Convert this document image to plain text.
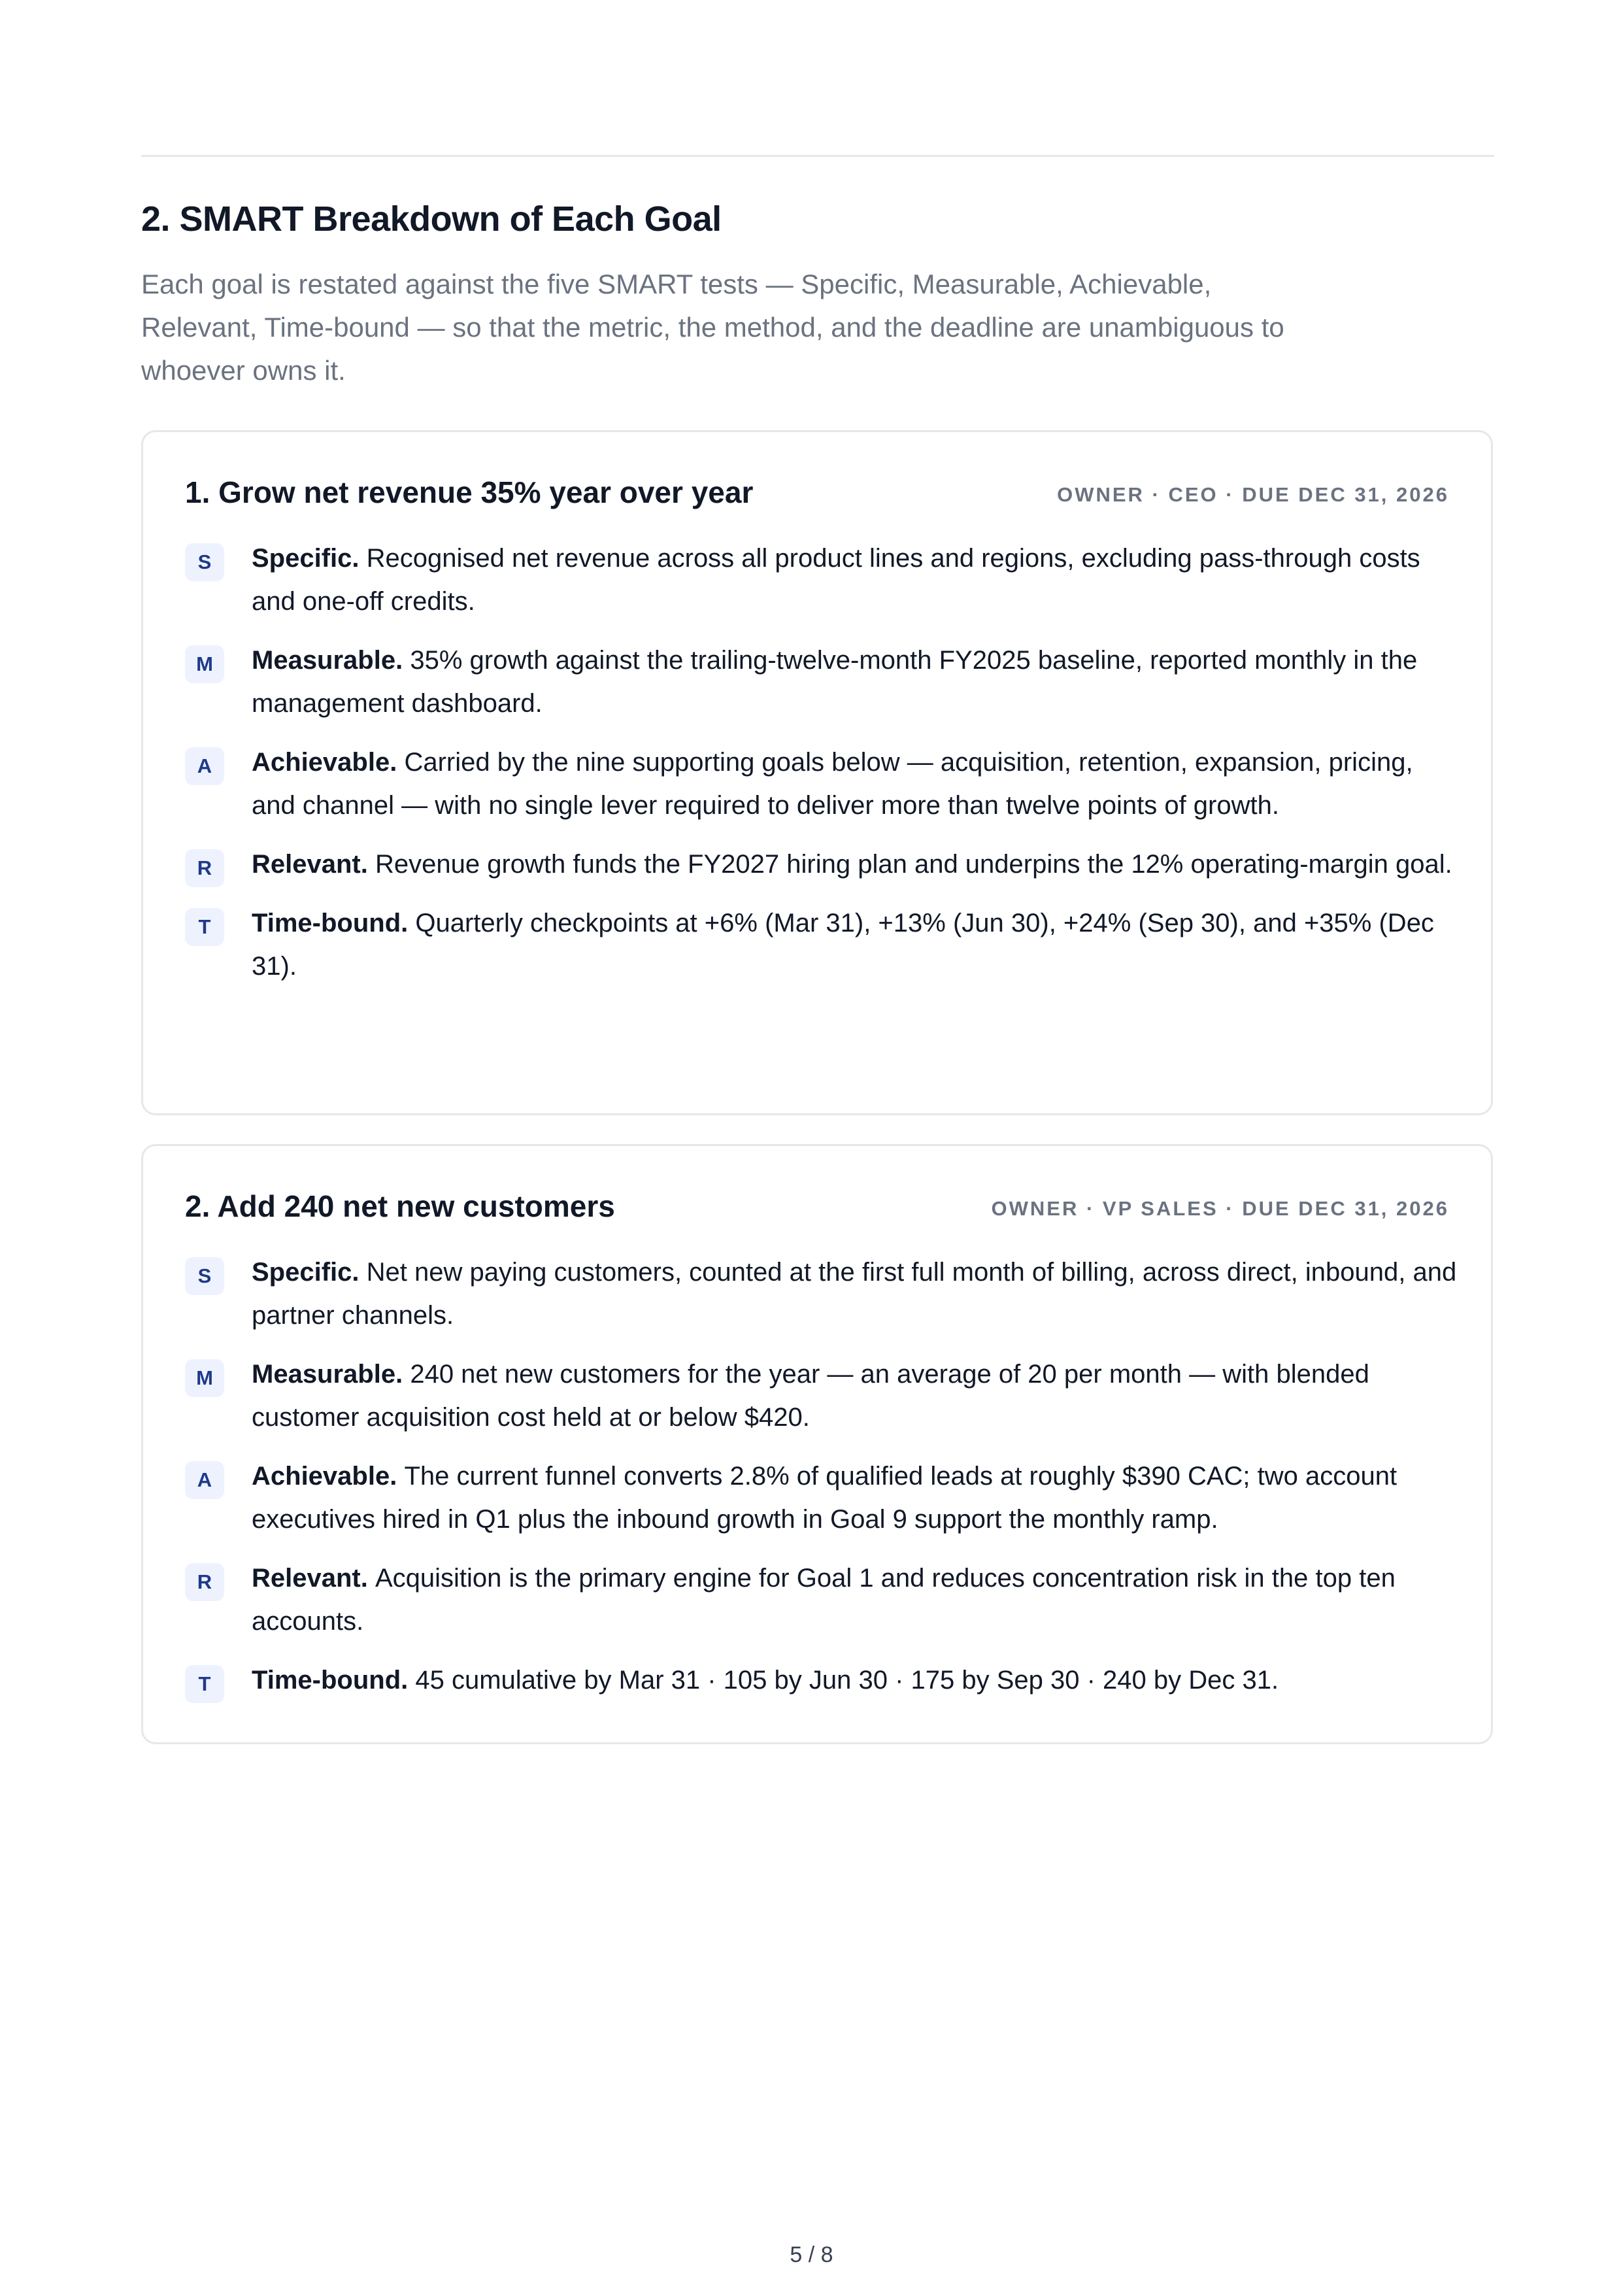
2. SMART Breakdown of Each Goal

Each goal is restated against the five SMART tests — Specific, Measurable, Achievable, Relevant, Time-bound — so that the metric, the method, and the deadline are unambiguous to whoever owns it.

1. Grow net revenue 35% year over year	OWNER · CEO · DUE DEC 31, 2026
S	Specific. Recognised net revenue across all product lines and regions, excluding pass-through costs and one-off credits.
M	Measurable. 35% growth against the trailing-twelve-month FY2025 baseline, reported monthly in the management dashboard.
A	Achievable. Carried by the nine supporting goals below — acquisition, retention, expansion, pricing, and channel — with no single lever required to deliver more than twelve points of growth.
R	Relevant. Revenue growth funds the FY2027 hiring plan and underpins the 12% operating-margin goal.
T	Time-bound. Quarterly checkpoints at +6% (Mar 31), +13% (Jun 30), +24% (Sep 30), and +35% (Dec 31).
2. Add 240 net new customers	OWNER · VP SALES · DUE DEC 31, 2026
S	Specific. Net new paying customers, counted at the first full month of billing, across direct, inbound, and partner channels.
M	Measurable. 240 net new customers for the year — an average of 20 per month — with blended customer acquisition cost held at or below $420.
A	Achievable. The current funnel converts 2.8% of qualified leads at roughly $390 CAC; two account executives hired in Q1 plus the inbound growth in Goal 9 support the monthly ramp.
R	Relevant. Acquisition is the primary engine for Goal 1 and reduces concentration risk in the top ten accounts.
T	Time-bound. 45 cumulative by Mar 31 · 105 by Jun 30 · 175 by Sep 30 · 240 by Dec 31.
5 / 8
